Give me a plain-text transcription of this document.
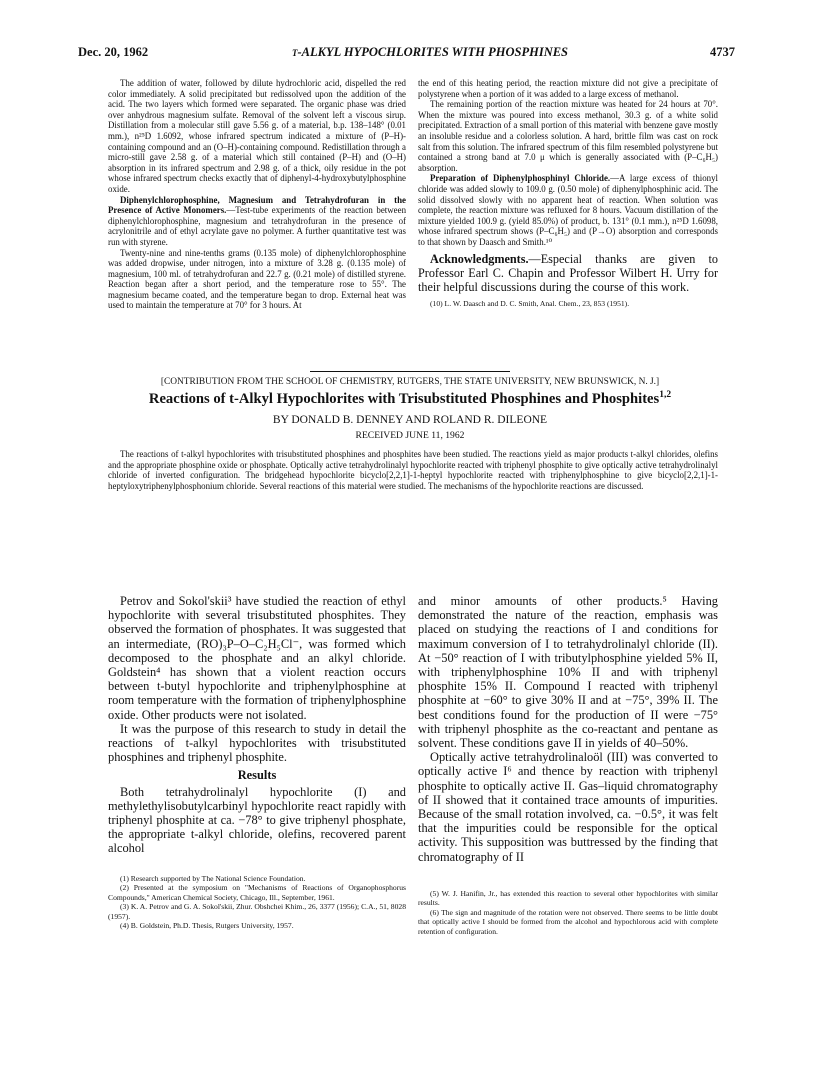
Dec. 20, 1962	t-ALKYL HYPOCHLORITES WITH PHOSPHINES	4737

The addition of water, followed by dilute hydrochloric acid, dispelled the red color immediately. A solid precipitated but redissolved upon the addition of the acid. The two layers which formed were separated. The organic phase was dried over anhydrous magnesium sulfate. Removal of the solvent left a viscous sirup. Distillation from a molecular still gave 5.56 g. of a material, b.p. 138–148° (0.01 mm.), n²⁵D 1.6092, whose infrared spectrum indicated a mixture of (P–H)-containing compound and an (O–H)-containing compound. Redistillation through a micro-still gave 2.58 g. of a material which still contained (P–H) and (O–H) absorption in its infrared spectrum and 2.98 g. of a thick, oily residue in the pot whose infrared spectrum checks exactly that of diphenyl-4-hydroxybutylphosphine oxide.

Diphenylchlorophosphine, Magnesium and Tetrahydrofuran in the Presence of Active Monomers.—Test-tube experiments of the reaction between diphenylchlorophosphine, magnesium and tetrahydrofuran in the presence of acrylonitrile and of ethyl acrylate gave no polymer. A further quantitative test was run with styrene.

Twenty-nine and nine-tenths grams (0.135 mole) of diphenylchlorophosphine was added dropwise, under nitrogen, into a mixture of 3.28 g. (0.135 mole) of magnesium, 100 ml. of tetrahydrofuran and 22.7 g. (0.21 mole) of distilled styrene. Reaction began after a short period, and the temperature rose to 55°. The magnesium became coated, and the temperature began to drop. External heat was used to maintain the temperature at 70° for 3 hours. At

the end of this heating period, the reaction mixture did not give a precipitate of polystyrene when a portion of it was added to a large excess of methanol.

The remaining portion of the reaction mixture was heated for 24 hours at 70°. When the mixture was poured into excess methanol, 30.3 g. of a white solid precipitated. Extraction of a small portion of this material with benzene gave mostly an insoluble residue and a colorless solution. A hard, brittle film was cast on rock salt from this solution. The infrared spectrum of this film resembled polystyrene but contained a strong band at 7.0 μ which is generally associated with (P–C₆H₅) absorption.

Preparation of Diphenylphosphinyl Chloride.—A large excess of thionyl chloride was added slowly to 109.0 g. (0.50 mole) of diphenylphosphinic acid. The solid dissolved slowly with no apparent heat of reaction. When solution was complete, the reaction mixture was refluxed for 8 hours. Vacuum distillation of the mixture yielded 100.9 g. (yield 85.0%) of product, b. 131° (0.1 mm.), n²⁵D 1.6098, whose infrared spectrum shows (P–C₆H₅) and (P→O) absorption and corresponds to that shown by Daasch and Smith.¹⁰

Acknowledgments.—Especial thanks are given to Professor Earl C. Chapin and Professor Wilbert H. Urry for their helpful discussions during the course of this work.

(10) L. W. Daasch and D. C. Smith, Anal. Chem., 23, 853 (1951).

[CONTRIBUTION FROM THE SCHOOL OF CHEMISTRY, RUTGERS, THE STATE UNIVERSITY, NEW BRUNSWICK, N. J.]
Reactions of t-Alkyl Hypochlorites with Trisubstituted Phosphines and Phosphites$^{1,2}$
BY DONALD B. DENNEY AND ROLAND R. DILEONE
RECEIVED JUNE 11, 1962
The reactions of t-alkyl hypochlorites with trisubstituted phosphines and phosphites have been studied. The reactions yield as major products t-alkyl chlorides, olefins and the appropriate phosphine oxide or phosphate. Optically active tetrahydrolinalyl hypochlorite reacted with triphenyl phosphite to give optically active tetrahydrolinalyl chloride of inverted configuration. The bridgehead hypochlorite bicyclo[2,2,1]-1-heptyl hypochlorite reacted with triphenylphosphine to give bicyclo[2,2,1]-1-heptyloxytriphenylphosphonium chloride. Several reactions of this material were studied. The mechanisms of the hypochlorite reactions are discussed.

Petrov and Sokol'skii³ have studied the reaction of ethyl hypochlorite with several trisubstituted phosphites. They observed the formation of phosphates. It was suggested that an intermediate, (RO)₃P–O–C₂H₅Cl⁻, was formed which decomposed to the phosphate and an alkyl chloride. Goldstein⁴ has shown that a violent reaction occurs between t-butyl hypochlorite and triphenylphosphine at room temperature with the formation of triphenylphosphine oxide. Other products were not isolated.

It was the purpose of this research to study in detail the reactions of t-alkyl hypochlorites with trisubstituted phosphines and triphenyl phosphite.

Results

Both tetrahydrolinalyl hypochlorite (I) and methylethylisobutylcarbinyl hypochlorite react rapidly with triphenyl phosphite at ca. −78° to give triphenyl phosphate, the appropriate t-alkyl chloride, olefins, recovered parent alcohol

and minor amounts of other products.⁵ Having demonstrated the nature of the reaction, emphasis was placed on studying the reactions of I and conditions for maximum conversion of I to tetrahydrolinalyl chloride (II). At −50° reaction of I with tributylphosphine yielded 5% II, with triphenylphosphine 10% II and with triphenyl phosphite 15% II. Compound I reacted with triphenyl phosphite at −60° to give 30% II and at −75°, 39% II. The best conditions found for the production of II were −75° with triphenyl phosphite as the co-reactant and pentane as solvent. These conditions gave II in yields of 40–50%.

Optically active tetrahydrolinaloöl (III) was converted to optically active I⁶ and thence by reaction with triphenyl phosphite to optically active II. Gas–liquid chromatography of II showed that it contained trace amounts of impurities. Because of the small rotation involved, ca. −0.5°, it was felt that the impurities could be responsible for the optical activity. This supposition was buttressed by the finding that chromatography of II

(1) Research supported by The National Science Foundation.

(2) Presented at the symposium on "Mechanisms of Reactions of Organophosphorus Compounds," American Chemical Society, Chicago, Ill., September, 1961.

(3) K. A. Petrov and G. A. Sokol'skii, Zhur. Obshchei Khim., 26, 3377 (1956); C.A., 51, 8028 (1957).

(4) B. Goldstein, Ph.D. Thesis, Rutgers University, 1957.

(5) W. J. Hanifin, Jr., has extended this reaction to several other hypochlorites with similar results.

(6) The sign and magnitude of the rotation were not observed. There seems to be little doubt that optically active I should be formed from the alcohol and hypochlorous acid with complete retention of configuration.
